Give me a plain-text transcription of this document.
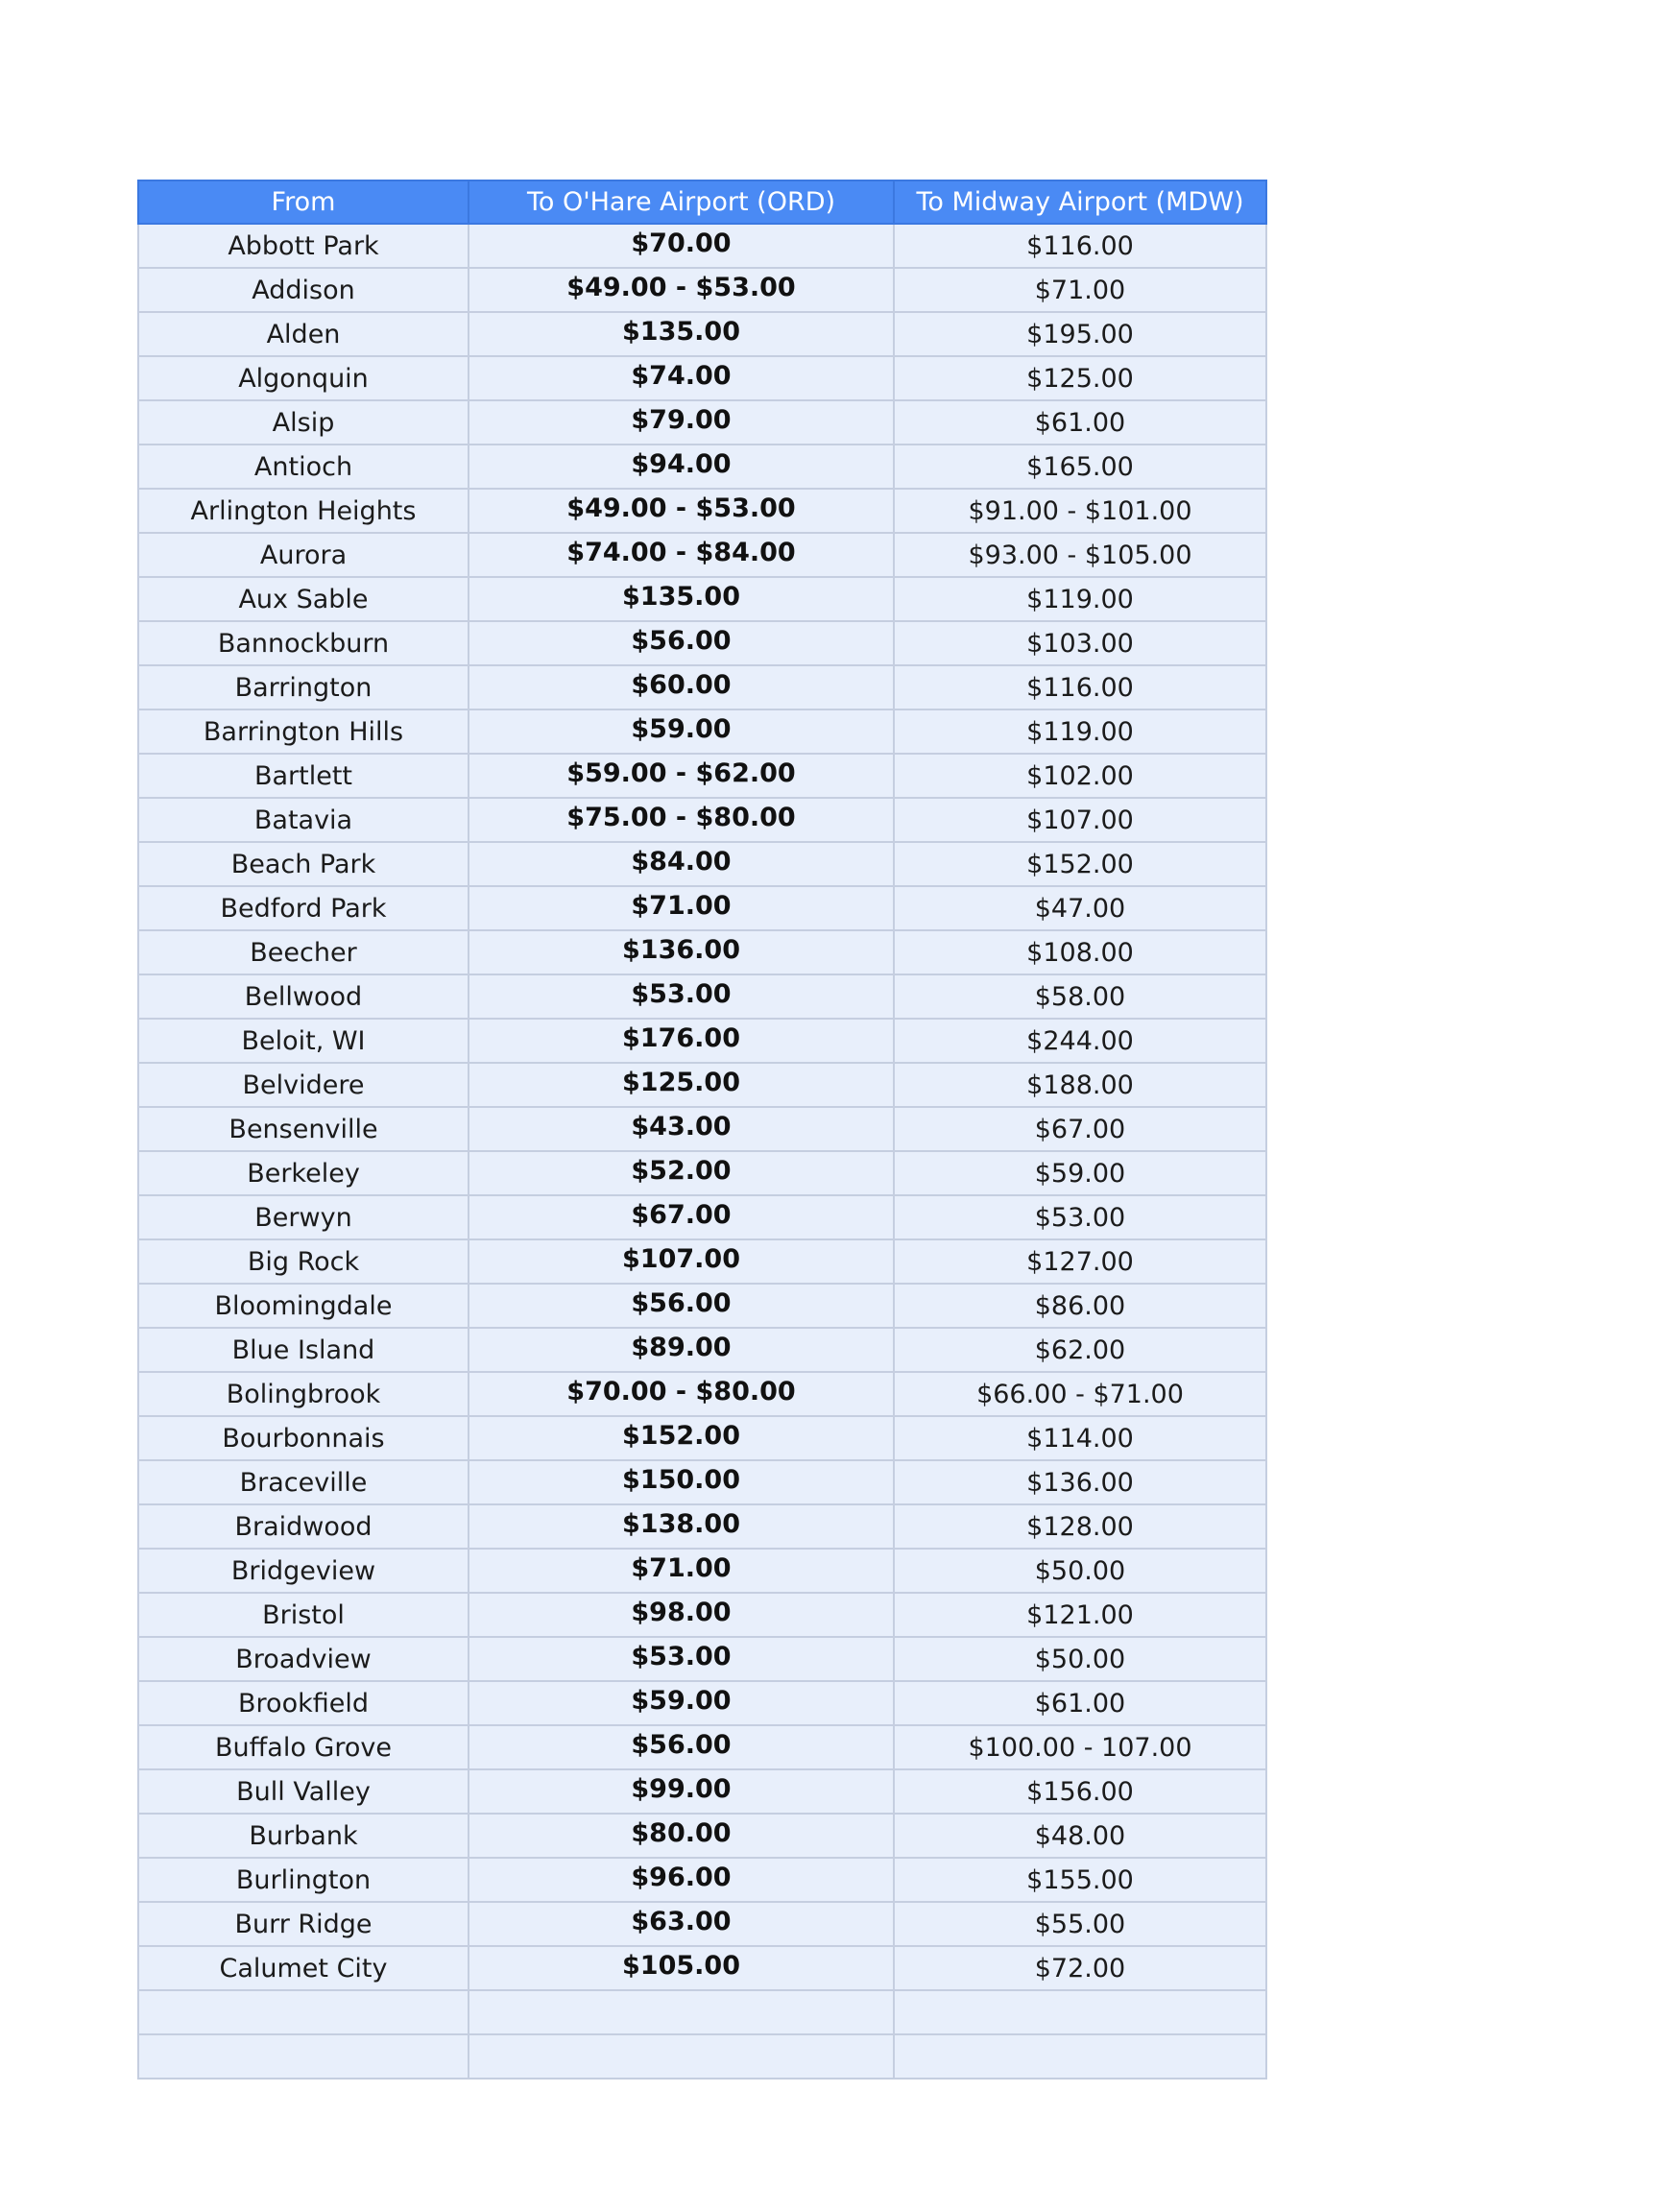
From	To O'Hare Airport (ORD)	To Midway Airport (MDW)
Abbott Park	$70.00	$116.00
Addison	$49.00 - $53.00	$71.00
Alden	$135.00	$195.00
Algonquin	$74.00	$125.00
Alsip	$79.00	$61.00
Antioch	$94.00	$165.00
Arlington Heights	$49.00 - $53.00	$91.00 - $101.00
Aurora	$74.00 - $84.00	$93.00 - $105.00
Aux Sable	$135.00	$119.00
Bannockburn	$56.00	$103.00
Barrington	$60.00	$116.00
Barrington Hills	$59.00	$119.00
Bartlett	$59.00 - $62.00	$102.00
Batavia	$75.00 - $80.00	$107.00
Beach Park	$84.00	$152.00
Bedford Park	$71.00	$47.00
Beecher	$136.00	$108.00
Bellwood	$53.00	$58.00
Beloit, WI	$176.00	$244.00
Belvidere	$125.00	$188.00
Bensenville	$43.00	$67.00
Berkeley	$52.00	$59.00
Berwyn	$67.00	$53.00
Big Rock	$107.00	$127.00
Bloomingdale	$56.00	$86.00
Blue Island	$89.00	$62.00
Bolingbrook	$70.00 - $80.00	$66.00 - $71.00
Bourbonnais	$152.00	$114.00
Braceville	$150.00	$136.00
Braidwood	$138.00	$128.00
Bridgeview	$71.00	$50.00
Bristol	$98.00	$121.00
Broadview	$53.00	$50.00
Brookfield	$59.00	$61.00
Buffalo Grove	$56.00	$100.00 - 107.00
Bull Valley	$99.00	$156.00
Burbank	$80.00	$48.00
Burlington	$96.00	$155.00
Burr Ridge	$63.00	$55.00
Calumet City	$105.00	$72.00
